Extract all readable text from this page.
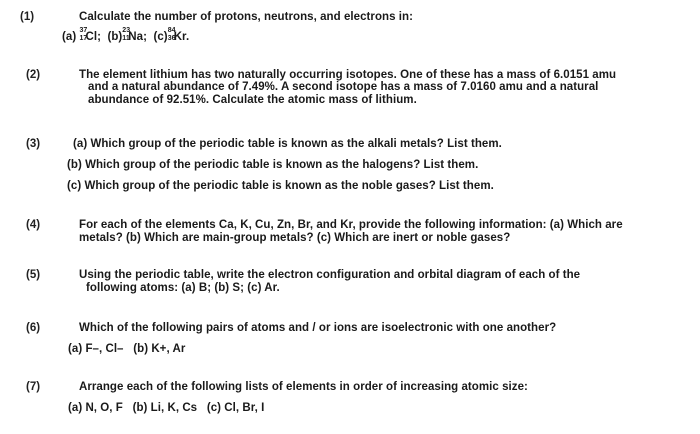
(1)	Calculate the number of protons, neutrons, and electrons in:
(a)
37
17
Cl; (b)
23
11
Na; (c)
84
36
Kr.
(2)	The element lithium has two naturally occurring isotopes. One of these has a mass of 6.0151 amu
and a natural abundance of 7.49%. A second isotope has a mass of 7.0160 amu and a natural
abundance of 92.51%. Calculate the atomic mass of lithium.
(3)	(a) Which group of the periodic table is known as the alkali metals? List them.
(b) Which group of the periodic table is known as the halogens? List them.
(c) Which group of the periodic table is known as the noble gases? List them.
(4)	For each of the elements Ca, K, Cu, Zn, Br, and Kr, provide the following information: (a) Which are
metals? (b) Which are main-group metals? (c) Which are inert or noble gases?
(5)	Using the periodic table, write the electron configuration and orbital diagram of each of the
following atoms: (a) B; (b) S; (c) Ar.
(6)	Which of the following pairs of atoms and / or ions are isoelectronic with one another?
(a) F–, Cl–   (b) K+, Ar
(7)	Arrange each of the following lists of elements in order of increasing atomic size:
(a) N, O, F   (b) Li, K, Cs   (c) Cl, Br, I
